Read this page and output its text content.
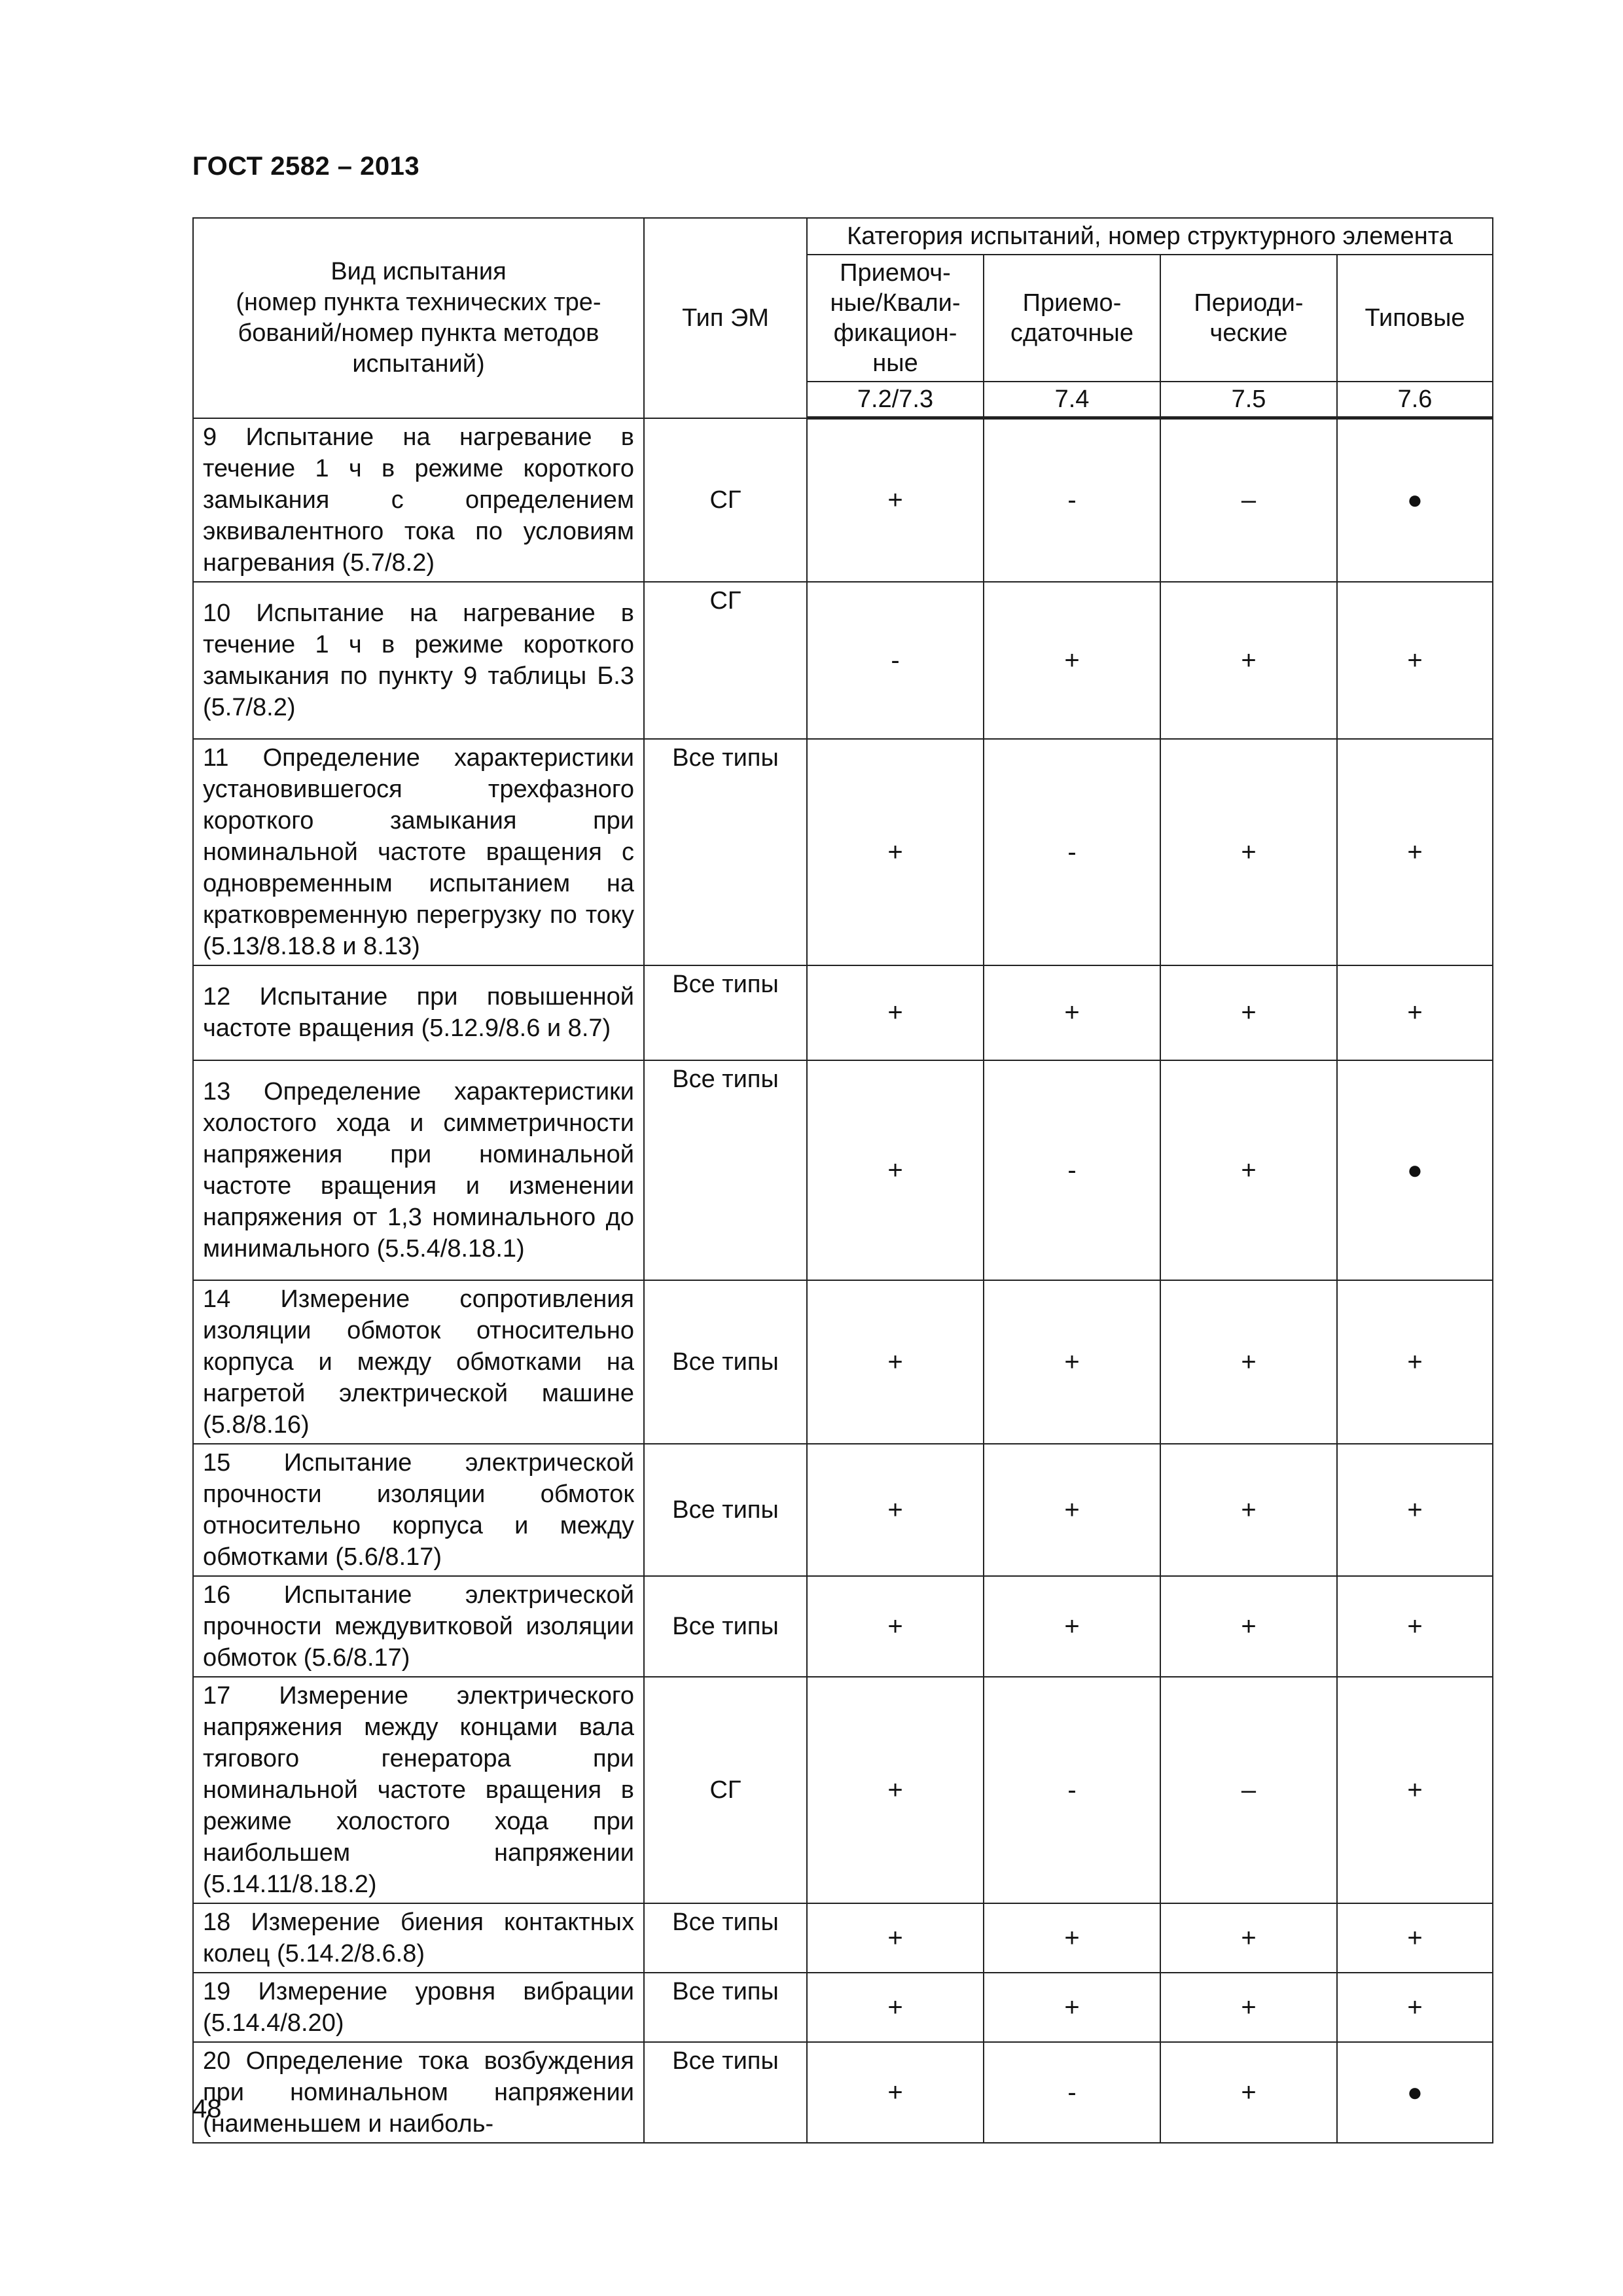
ГОСТ 2582 – 2013
Вид испытания
(номер пункта технических тре-
бований/номер пункта методов
испытаний)	Тип ЭМ	Категория испытаний, номер структурного элемента			
		Приемоч-
ные/Квали-
фикацион-
ные	Приемо-
сдаточные	Периоди-
ческие	Типовые
		7.2/7.3	7.4	7.5	7.6
9 Испытание на нагревание в течение 1 ч в режиме короткого замыкания с определением эквивалентного тока по условиям нагревания (5.7/8.2)	СГ	+	-	–	●
10 Испытание на нагревание в течение 1 ч в режиме короткого замыкания по пункту 9 таблицы Б.3 (5.7/8.2)	СГ	-	+	+	+
11 Определение характеристики установившегося трехфазного короткого замыкания при номинальной частоте вращения с одновременным испытанием на кратковременную перегрузку по току (5.13/8.18.8 и 8.13)	Все типы	+	-	+	+
12 Испытание при повышенной частоте вращения (5.12.9/8.6 и 8.7)	Все типы	+	+	+	+
13 Определение характеристики холостого хода и симметричности напряжения при номинальной частоте вращения и изменении напряжения от 1,3 номинального до минимального (5.5.4/8.18.1)	Все типы	+	-	+	●
14 Измерение сопротивления изоляции обмоток относительно корпуса и между обмотками на нагретой электрической машине (5.8/8.16)	Все типы	+	+	+	+
15 Испытание электрической прочности изоляции обмоток относительно корпуса и между обмотками (5.6/8.17)	Все типы	+	+	+	+
16 Испытание электрической прочности междувитковой изоляции обмоток (5.6/8.17)	Все типы	+	+	+	+
17 Измерение электрического напряжения между концами вала тягового генератора при номинальной частоте вращения в режиме холостого хода при наибольшем напряжении (5.14.11/8.18.2)	СГ	+	-	–	+
18 Измерение биения контактных колец (5.14.2/8.6.8)	Все типы	+	+	+	+
19 Измерение уровня вибрации (5.14.4/8.20)	Все типы	+	+	+	+
20 Определение тока возбуждения при номинальном напряжении (наименьшем и наиболь-	Все типы	+	-	+	●
48
